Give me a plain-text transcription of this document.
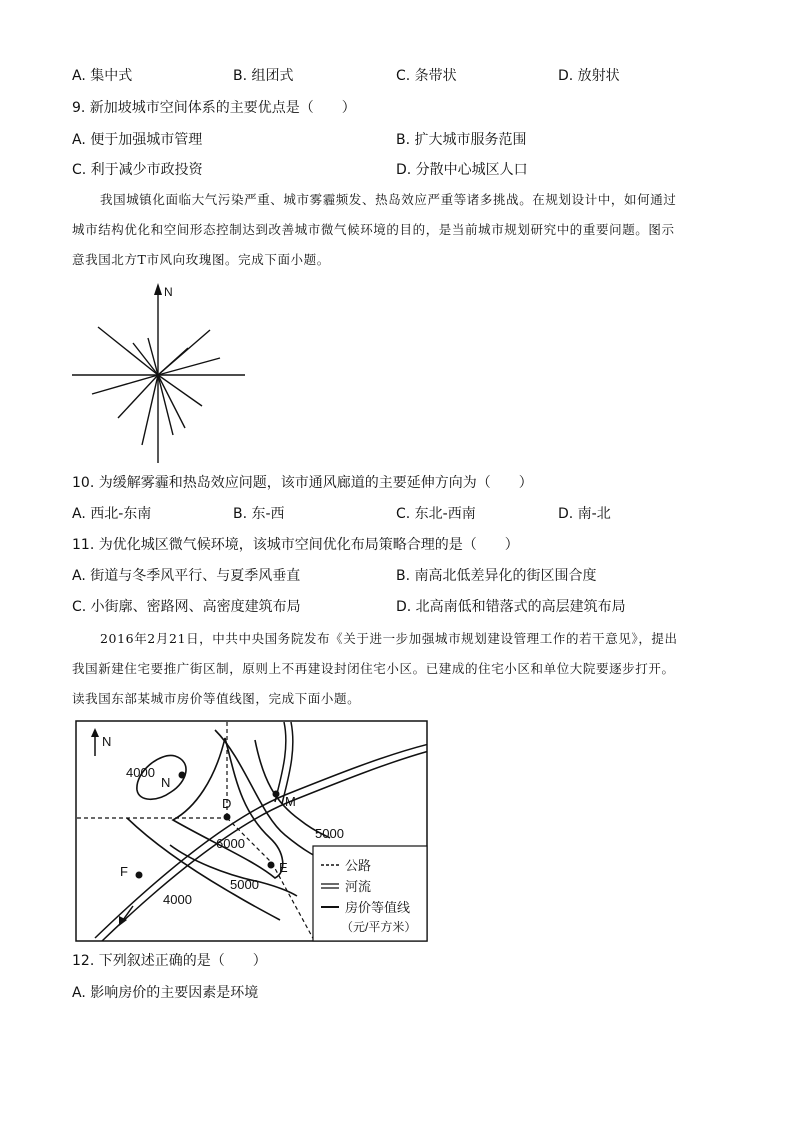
A. 集中式	B. 组团式	C. 条带状	D. 放射状
9. 新加坡城市空间体系的主要优点是（　　）
A. 便于加强城市管理	B. 扩大城市服务范围
C. 利于减少市政投资	D. 分散中心城区人口

我国城镇化面临大气污染严重、城市雾霾频发、热岛效应严重等诸多挑战。在规划设计中，如何通过

城市结构优化和空间形态控制达到改善城市微气候环境的目的，是当前城市规划研究中的重要问题。图示

意我国北方T市风向玫瑰图。完成下面小题。

N
10. 为缓解雾霾和热岛效应问题，该市通风廊道的主要延伸方向为（　　）
A. 西北-东南	B. 东-西	C. 东北-西南	D. 南-北
11. 为优化城区微气候环境，该城市空间优化布局策略合理的是（　　）
A. 街道与冬季风平行、与夏季风垂直	B. 南高北低差异化的街区围合度
C. 小街廓、密路网、高密度建筑布局	D. 北高南低和错落式的高层建筑布局

2016年2月21日，中共中央国务院发布《关于进一步加强城市规划建设管理工作的若干意见》，提出

我国新建住宅要推广街区制，原则上不再建设封闭住宅小区。已建成的住宅小区和单位大院要逐步打开。

读我国东部某城市房价等值线图，完成下面小题。

N
N
D	M
E
F
4000
6000
5000
5000
4000
公路
河流
房价等值线
（元/平方米）
12. 下列叙述正确的是（　　）
A. 影响房价的主要因素是环境
